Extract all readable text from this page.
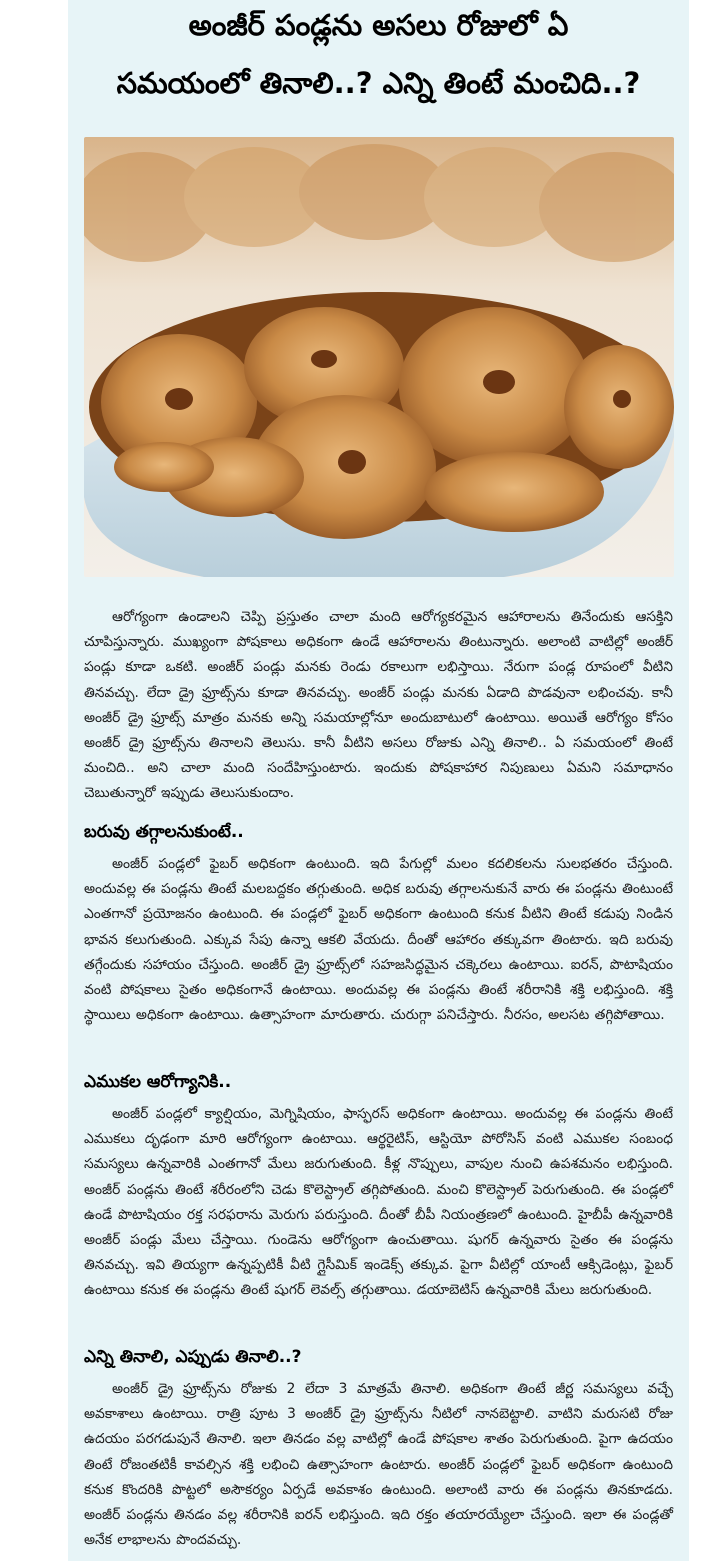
అంజీర్ పండ్లను అసలు రోజులో ఏ
సమయంలో తినాలి..? ఎన్ని తింటే మంచిది..?

ఆరోగ్యంగా ఉండాలని చెప్పి ప్రస్తుతం చాలా మంది ఆరోగ్యకరమైన ఆహారాలను తినేందుకు ఆసక్తిని చూపిస్తున్నారు. ముఖ్యంగా పోషకాలు అధికంగా ఉండే ఆహారాలను తింటున్నారు. అలాంటి వాటిల్లో అంజీర్ పండ్లు కూడా ఒకటి. అంజీర్ పండ్లు మనకు రెండు రకాలుగా లభిస్తాయి. నేరుగా పండ్ల రూపంలో వీటిని తినవచ్చు. లేదా డ్రై ఫ్రూట్స్‌ను కూడా తినవచ్చు. అంజీర్ పండ్లు మనకు ఏడాది పొడవునా లభించవు. కానీ అంజీర్ డ్రై ఫ్రూట్స్ మాత్రం మనకు అన్ని సమయాల్లోనూ అందుబాటులో ఉంటాయి. అయితే ఆరోగ్యం కోసం అంజీర్ డ్రై ఫ్రూట్స్‌ను తినాలని తెలుసు. కానీ వీటిని అసలు రోజుకు ఎన్ని తినాలి.. ఏ సమయంలో తింటే మంచిది.. అని చాలా మంది సందేహిస్తుంటారు. ఇందుకు పోషకాహార నిపుణులు ఏమని సమాధానం చెబుతున్నారో ఇప్పుడు తెలుసుకుందాం.

బరువు తగ్గాలనుకుంటే..

అంజీర్ పండ్లలో ఫైబర్ అధికంగా ఉంటుంది. ఇది పేగుల్లో మలం కదలికలను సులభతరం చేస్తుంది. అందువల్ల ఈ పండ్లను తింటే మలబద్దకం తగ్గుతుంది. అధిక బరువు తగ్గాలనుకునే వారు ఈ పండ్లను తింటుంటే ఎంతగానో ప్రయోజనం ఉంటుంది. ఈ పండ్లలో ఫైబర్ అధికంగా ఉంటుంది కనుక వీటిని తింటే కడుపు నిండిన భావన కలుగుతుంది. ఎక్కువ సేపు ఉన్నా ఆకలి వేయదు. దీంతో ఆహారం తక్కువగా తింటారు. ఇది బరువు తగ్గేందుకు సహాయం చేస్తుంది. అంజీర్ డ్రై ఫ్రూట్స్‌లో సహజసిద్ధమైన చక్కెరలు ఉంటాయి. ఐరన్, పొటాషియం వంటి పోషకాలు సైతం అధికంగానే ఉంటాయి. అందువల్ల ఈ పండ్లను తింటే శరీరానికి శక్తి లభిస్తుంది. శక్తి స్థాయిలు అధికంగా ఉంటాయి. ఉత్సాహంగా మారుతారు. చురుగ్గా పనిచేస్తారు. నీరసం, అలసట తగ్గిపోతాయి.

ఎముకల ఆరోగ్యానికి..

అంజీర్ పండ్లలో క్యాల్షియం, మెగ్నిషియం, ఫాస్ఫరస్ అధికంగా ఉంటాయి. అందువల్ల ఈ పండ్లను తింటే ఎముకలు దృఢంగా మారి ఆరోగ్యంగా ఉంటాయి. ఆర్థరైటిస్, ఆస్టియో పోరోసిస్ వంటి ఎముకల సంబంధ సమస్యలు ఉన్నవారికి ఎంతగానో మేలు జరుగుతుంది. కీళ్ల నొప్పులు, వాపుల నుంచి ఉపశమనం లభిస్తుంది. అంజీర్ పండ్లను తింటే శరీరంలోని చెడు కొలెస్ట్రాల్ తగ్గిపోతుంది. మంచి కొలెస్ట్రాల్ పెరుగుతుంది. ఈ పండ్లలో ఉండే పొటాషియం రక్త సరఫరాను మెరుగు పరుస్తుంది. దీంతో బీపీ నియంత్రణలో ఉంటుంది. హైబీపీ ఉన్నవారికి అంజీర్ పండ్లు మేలు చేస్తాయి. గుండెను ఆరోగ్యంగా ఉంచుతాయి. షుగర్ ఉన్నవారు సైతం ఈ పండ్లను తినవచ్చు. ఇవి తియ్యగా ఉన్నప్పటికీ వీటి గ్లైసీమిక్ ఇండెక్స్ తక్కువ. పైగా వీటిల్లో యాంటీ ఆక్సిడెంట్లు, ఫైబర్ ఉంటాయి కనుక ఈ పండ్లను తింటే షుగర్ లెవల్స్ తగ్గుతాయి. డయాబెటిస్ ఉన్నవారికి మేలు జరుగుతుంది.

ఎన్ని తినాలి, ఎప్పుడు తినాలి..?

అంజీర్ డ్రై ఫ్రూట్స్‌ను రోజుకు 2 లేదా 3 మాత్రమే తినాలి. అధికంగా తింటే జీర్ణ సమస్యలు వచ్చే అవకాశాలు ఉంటాయి. రాత్రి పూట 3 అంజీర్ డ్రై ఫ్రూట్స్‌ను నీటిలో నానబెట్టాలి. వాటిని మరుసటి రోజు ఉదయం పరగడుపునే తినాలి. ఇలా తినడం వల్ల వాటిల్లో ఉండే పోషకాల శాతం పెరుగుతుంది. పైగా ఉదయం తింటే రోజంతటికీ కావల్సిన శక్తి లభించి ఉత్సాహంగా ఉంటారు. అంజీర్ పండ్లలో ఫైబర్ అధికంగా ఉంటుంది కనుక కొందరికి పొట్టలో అసౌకర్యం ఏర్పడే అవకాశం ఉంటుంది. అలాంటి వారు ఈ పండ్లను తినకూడదు. అంజీర్ పండ్లను తినడం వల్ల శరీరానికి ఐరన్ లభిస్తుంది. ఇది రక్తం తయారయ్యేలా చేస్తుంది. ఇలా ఈ పండ్లతో అనేక లాభాలను పొందవచ్చు.
